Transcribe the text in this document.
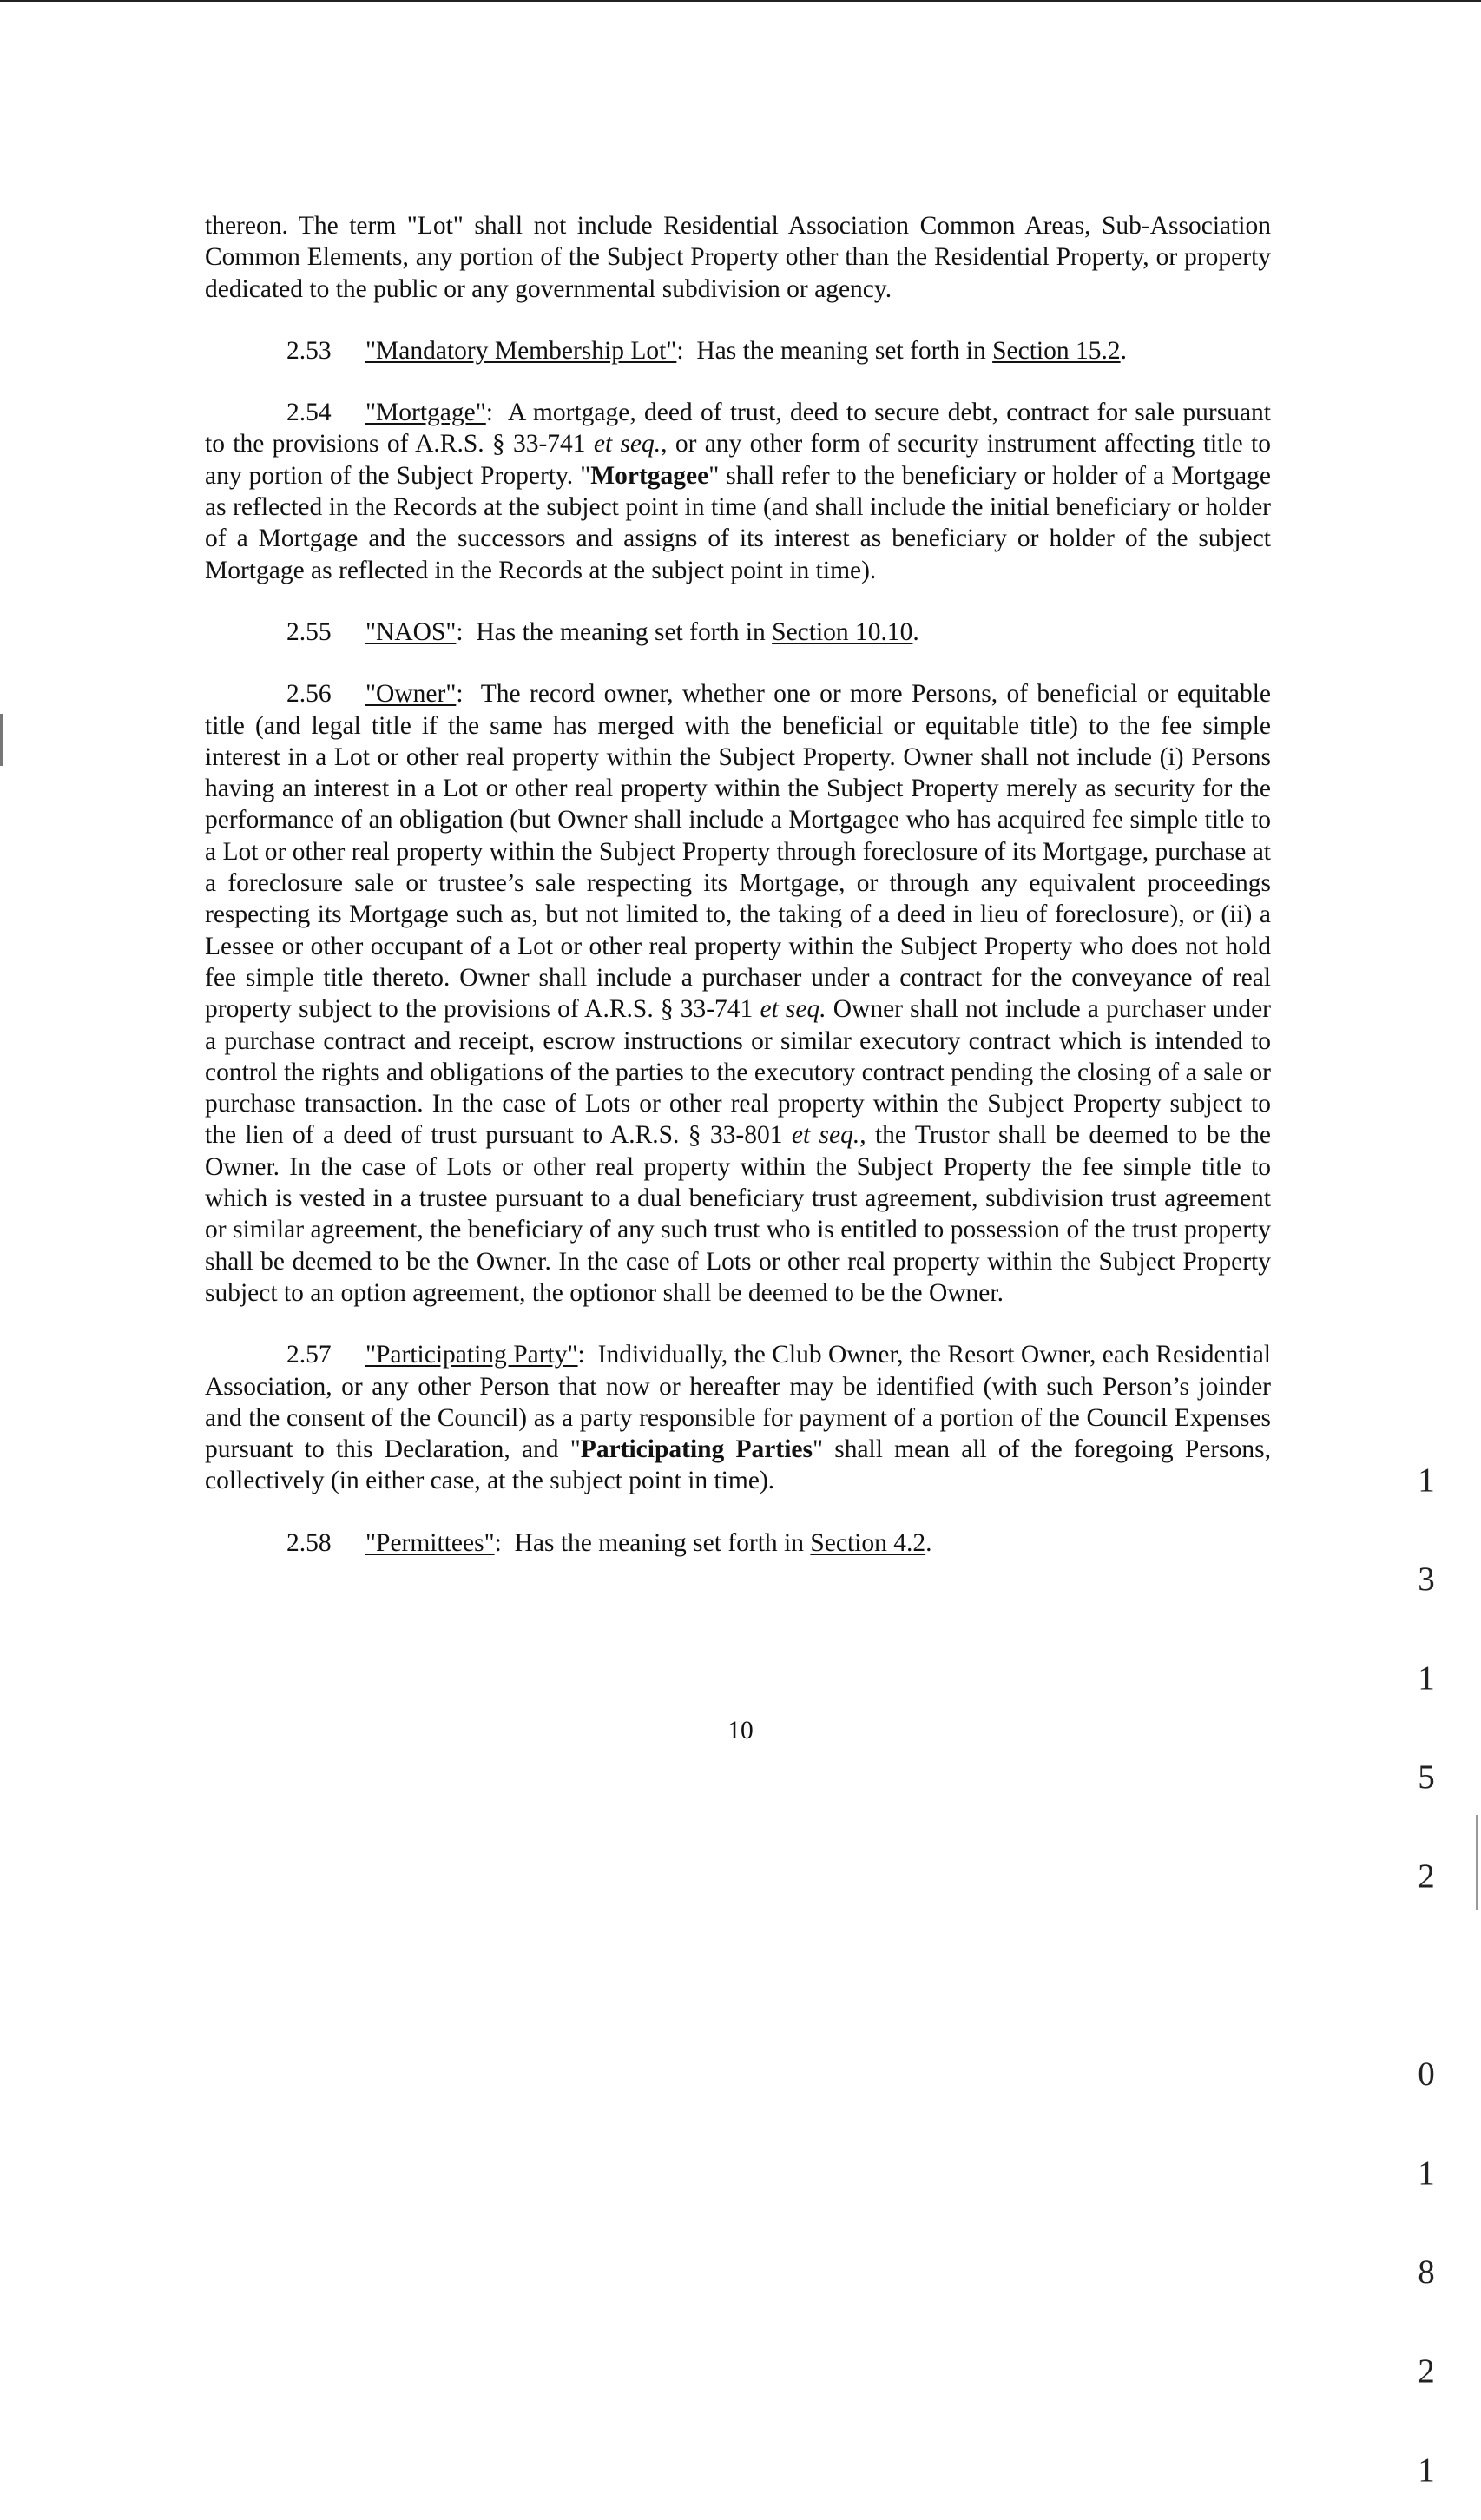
thereon. The term "Lot" shall not include Residential Association Common Areas, Sub-Association Common Elements, any portion of the Subject Property other than the Residential Property, or property dedicated to the public or any governmental subdivision or agency.

2.53 "Mandatory Membership Lot": Has the meaning set forth in Section 15.2.

2.54 "Mortgage": A mortgage, deed of trust, deed to secure debt, contract for sale pursuant to the provisions of A.R.S. § 33-741 et seq., or any other form of security instrument affecting title to any portion of the Subject Property. "Mortgagee" shall refer to the beneficiary or holder of a Mortgage as reflected in the Records at the subject point in time (and shall include the initial beneficiary or holder of a Mortgage and the successors and assigns of its interest as beneficiary or holder of the subject Mortgage as reflected in the Records at the subject point in time).

2.55 "NAOS": Has the meaning set forth in Section 10.10.

2.56 "Owner": The record owner, whether one or more Persons, of beneficial or equitable title (and legal title if the same has merged with the beneficial or equitable title) to the fee simple interest in a Lot or other real property within the Subject Property. Owner shall not include (i) Persons having an interest in a Lot or other real property within the Subject Property merely as security for the performance of an obligation (but Owner shall include a Mortgagee who has acquired fee simple title to a Lot or other real property within the Subject Property through foreclosure of its Mortgage, purchase at a foreclosure sale or trustee’s sale respecting its Mortgage, or through any equivalent proceedings respecting its Mortgage such as, but not limited to, the taking of a deed in lieu of foreclosure), or (ii) a Lessee or other occupant of a Lot or other real property within the Subject Property who does not hold fee simple title thereto. Owner shall include a purchaser under a contract for the conveyance of real property subject to the provisions of A.R.S. § 33-741 et seq. Owner shall not include a purchaser under a purchase contract and receipt, escrow instructions or similar executory contract which is intended to control the rights and obligations of the parties to the executory contract pending the closing of a sale or purchase transaction. In the case of Lots or other real property within the Subject Property subject to the lien of a deed of trust pursuant to A.R.S. § 33-801 et seq., the Trustor shall be deemed to be the Owner. In the case of Lots or other real property within the Subject Property the fee simple title to which is vested in a trustee pursuant to a dual beneficiary trust agreement, subdivision trust agreement or similar agreement, the beneficiary of any such trust who is entitled to possession of the trust property shall be deemed to be the Owner. In the case of Lots or other real property within the Subject Property subject to an option agreement, the optionor shall be deemed to be the Owner.

2.57 "Participating Party": Individually, the Club Owner, the Resort Owner, each Residential Association, or any other Person that now or hereafter may be identified (with such Person’s joinder and the consent of the Council) as a party responsible for payment of a portion of the Council Expenses pursuant to this Declaration, and "Participating Parties" shall mean all of the foregoing Persons, collectively (in either case, at the subject point in time).

2.58 "Permittees": Has the meaning set forth in Section 4.2.

10

1

3

1

5

2

0

1

8

2

1
